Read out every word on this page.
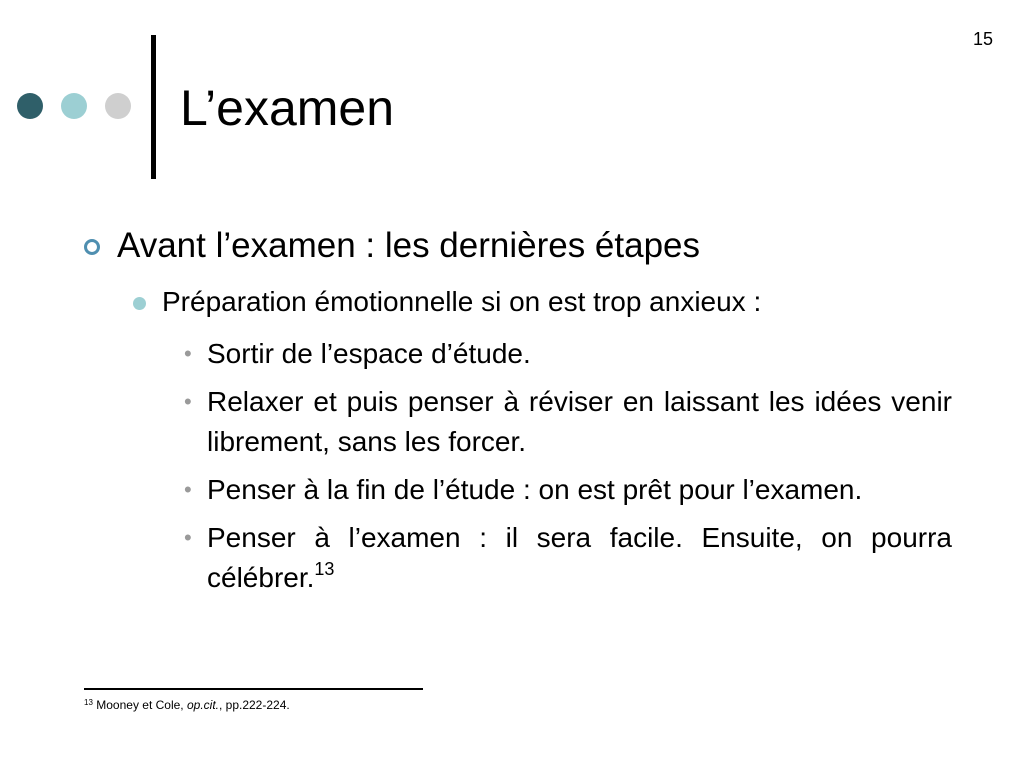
15
L’examen
Avant l’examen : les dernières étapes
Préparation émotionnelle si on est trop anxieux :
• Sortir de l’espace d’étude.
• Relaxer et puis penser à réviser en laissant les idées venir librement, sans les forcer.
• Penser à la fin de l’étude : on est prêt pour l’examen.
• Penser à l’examen : il sera facile. Ensuite, on pourra célébrer.$^{13}$
$^{13}$ Mooney et Cole, op.cit., pp.222-224.
